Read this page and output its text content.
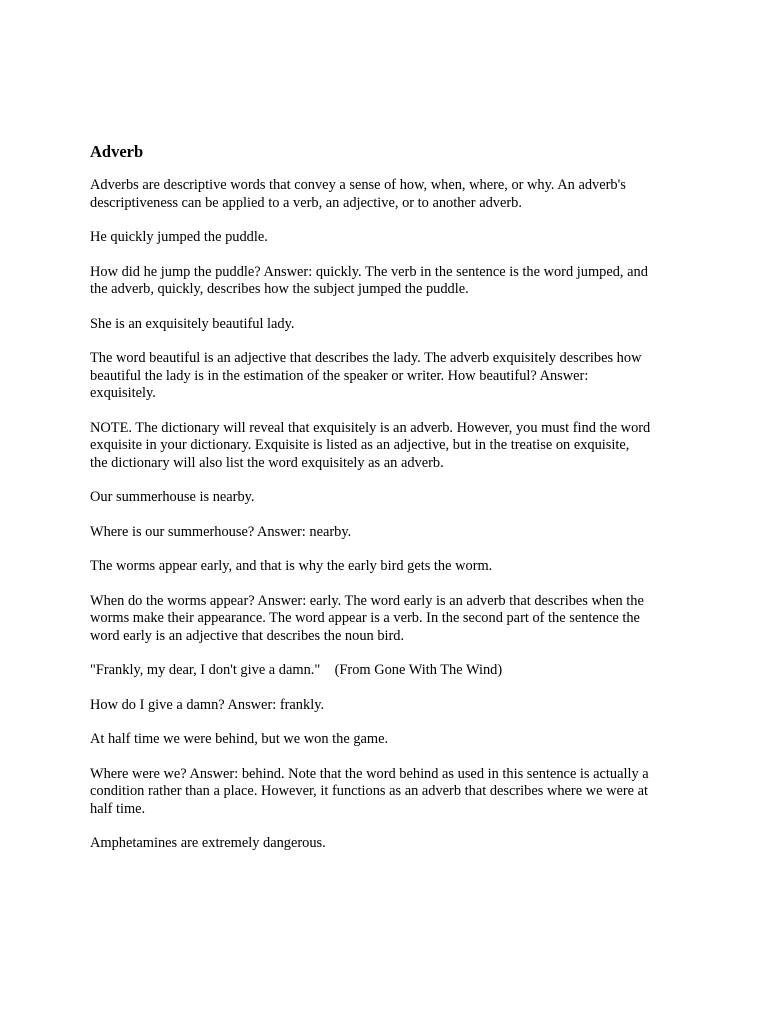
Adverb
Adverbs are descriptive words that convey a sense of how, when, where, or why. An adverb's
descriptiveness can be applied to a verb, an adjective, or to another adverb.
He quickly jumped the puddle.
How did he jump the puddle? Answer: quickly. The verb in the sentence is the word jumped, and
the adverb, quickly, describes how the subject jumped the puddle.
She is an exquisitely beautiful lady.
The word beautiful is an adjective that describes the lady. The adverb exquisitely describes how
beautiful the lady is in the estimation of the speaker or writer. How beautiful? Answer:
exquisitely.
NOTE. The dictionary will reveal that exquisitely is an adverb. However, you must find the word
exquisite in your dictionary. Exquisite is listed as an adjective, but in the treatise on exquisite,
the dictionary will also list the word exquisitely as an adverb.
Our summerhouse is nearby.
Where is our summerhouse? Answer: nearby.
The worms appear early, and that is why the early bird gets the worm.
When do the worms appear? Answer: early. The word early is an adverb that describes when the
worms make their appearance. The word appear is a verb. In the second part of the sentence the
word early is an adjective that describes the noun bird.
"Frankly, my dear, I don't give a damn."    (From Gone With The Wind)
How do I give a damn? Answer: frankly.
At half time we were behind, but we won the game.
Where were we? Answer: behind. Note that the word behind as used in this sentence is actually a
condition rather than a place. However, it functions as an adverb that describes where we were at
half time.
Amphetamines are extremely dangerous.
